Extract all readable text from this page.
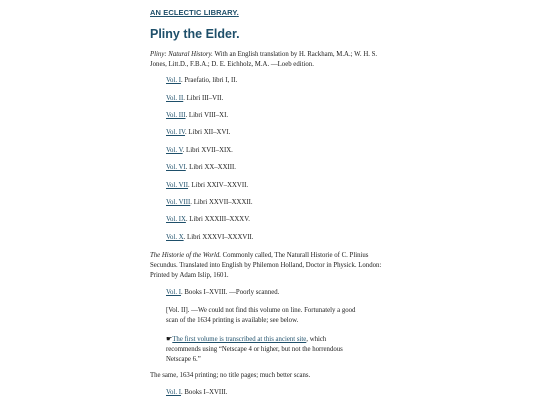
AN ECLECTIC LIBRARY.
Pliny the Elder.

Pliny: Natural History. With an English translation by H. Rackham, M.A.; W. H. S. Jones, Litt.D., F.B.A.; D. E. Eichholz, M.A. —Loeb edition.

Vol. I. Praefatio, libri I, II.

Vol. II. Libri III–VII.

Vol. III. Libri VIII–XI.

Vol. IV. Libri XII–XVI.

Vol. V. Libri XVII–XIX.

Vol. VI. Libri XX–XXIII.

Vol. VII. Libri XXIV–XXVII.

Vol. VIII. Libri XXVII–XXXII.

Vol. IX. Libri XXXIII–XXXV.

Vol. X. Libri XXXVI–XXXVII.

The Historie of the World. Commonly called, The Naturall Historie of C. Plinius Secundus. Translated into English by Philemon Holland, Doctor in Physick. London: Printed by Adam Islip, 1601.

Vol. I. Books I–XVIII. —Poorly scanned.

[Vol. II]. —We could not find this volume on line. Fortunately a good scan of the 1634 printing is available; see below.

☛The first volume is transcribed at this ancient site, which recommends using “Netscape 4 or higher, but not the horrendous Netscape 6.”

The same, 1634 printing; no title pages; much better scans.

Vol. I. Books I–XVIII.
